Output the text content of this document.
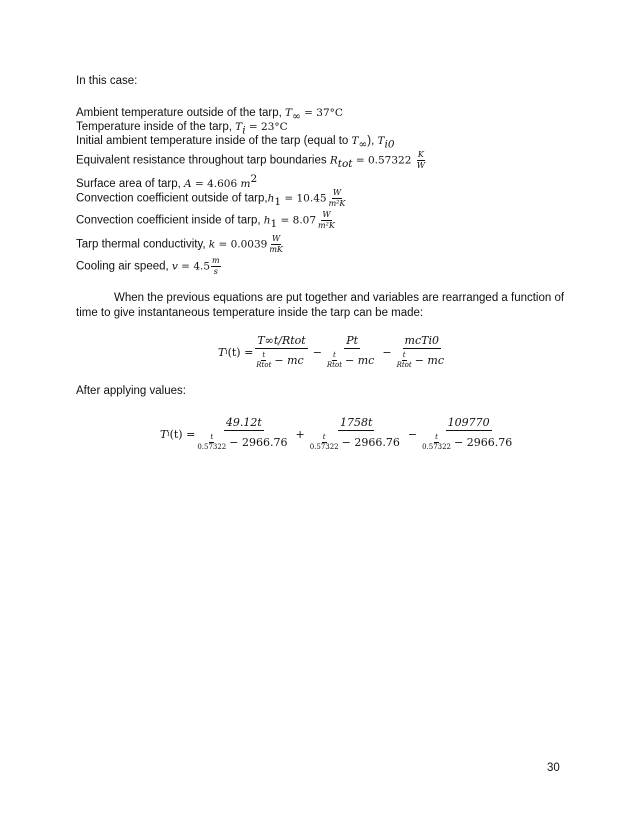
In this case:
Ambient temperature outside of the tarp, $T_\infty = 37^\circ C$
Temperature inside of the tarp, $T_i = 23^\circ C$
Initial ambient temperature inside of the tarp (equal to $T_\infty$), $T_{i0}$
Equivalent resistance throughout tarp boundaries $R_{tot} = 0.57322 \frac{K}{W}$
Surface area of tarp, A = 4.606 $m^2$
Convection coefficient outside of $tarp,h_1 = 10.45 \frac{W}{\text{m²K}}$
Convection coefficient inside of tarp, $h_1 = 8.07 \frac{W}{\text{m²K}}$
Tarp thermal conductivity, $k = 0.0039 \frac{W}{mK}$
Cooling air speed, $v = 4.5 \frac{m}{s}$
When the previous equations are put together and variables are rearranged a function of time to give instantaneous temperature inside the tarp can be made:
T i (t) = T∞t/Rtot
t
Rtot − mc − Pt
t
Rtot − mc − mcTi0
t
Rtot − mc
After applying values:
T i (t) = 49.12t
t
0.57322 − 2966.76 + 1758t
t
0.57322 − 2966.76 − 109770
t
0.57322 − 2966.76
30
